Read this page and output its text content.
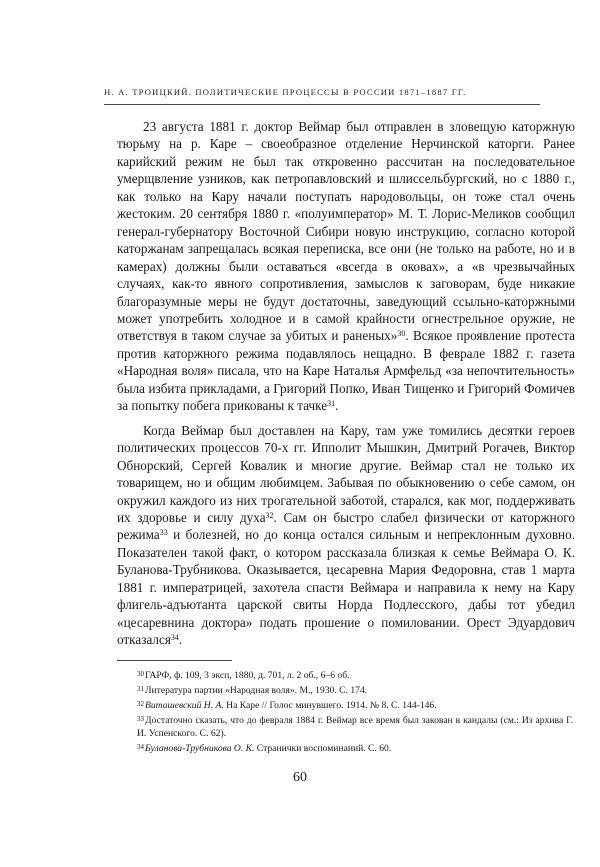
Н. А. ТРОИЦКИЙ. ПОЛИТИЧЕСКИЕ ПРОЦЕССЫ В РОССИИ 1871–1887 ГГ.

23 августа 1881 г. доктор Веймар был отправлен в зловещую каторжную тюрьму на р. Каре – своеобразное отделение Нерчинской каторги. Ранее карийский режим не был так откровенно рассчитан на последовательное умерщвление узников, как петропавловский и шлиссельбургский, но с 1880 г., как только на Кару начали поступать народовольцы, он тоже стал очень жестоким. 20 сентября 1880 г. «полуимператор» М. Т. Лорис-Меликов сообщил генерал-губернатору Восточной Сибири новую инструкцию, согласно которой каторжанам запрещалась всякая переписка, все они (не только на работе, но и в камерах) должны были оставаться «всегда в оковах», а «в чрезвычайных случаях, как-то явного сопротивления, замыслов к заговорам, буде никакие благоразумные меры не будут достаточны, заведующий ссыльно-каторжными может употребить холодное и в самой крайности огнестрельное оружие, не ответствуя в таком случае за убитых и раненых»$^{30}$. Всякое проявление протеста против каторжного режима подавлялось нещадно. В феврале 1882 г. газета «Народная воля» писала, что на Каре Наталья Армфельд «за непочтительность» была избита прикладами, а Григорий Попко, Иван Тищенко и Григорий Фомичев за попытку побега прикованы к тачке$^{31}$.

Когда Веймар был доставлен на Кару, там уже томились десятки героев политических процессов 70-х гг. Ипполит Мышкин, Дмитрий Рогачев, Виктор Обнорский, Сергей Ковалик и многие другие. Веймар стал не только их товарищем, но и общим любимцем. Забывая по обыкновению о себе самом, он окружил каждого из них трогательной заботой, старался, как мог, поддерживать их здоровье и силу духа$^{32}$. Сам он быстро слабел физически от каторжного режима$^{33}$ и болезней, но до конца остался сильным и непреклонным духовно. Показателен такой факт, о котором рассказала близкая к семье Веймара О. К. Буланова-Трубникова. Оказывается, цесаревна Мария Федоровна, став 1 марта 1881 г. императрицей, захотела спасти Веймара и направила к нему на Кару флигель-адъютанта царской свиты Норда Подлесского, дабы тот убедил «цесаревнина доктора» подать прошение о помиловании. Орест Эдуардович отказался$^{34}$.

$^{30}$ГАРФ, ф. 109, 3 эксп, 1880, д. 701, л. 2 об., 6–6 об.
$^{31}$Литература партии «Народная воля». М., 1930. С. 174.
$^{32}$Виташевский Н. А. На Каре // Голос минувшего. 1914. № 8. С. 144-146.
$^{33}$Достаточно сказать, что до февраля 1884 г. Веймар все время был закован в кандалы (см.: Из архива Г. И. Успенского. С. 62).
$^{34}$Буланова-Трубникова О. К. Странички воспоминаний. С. 60.
60
